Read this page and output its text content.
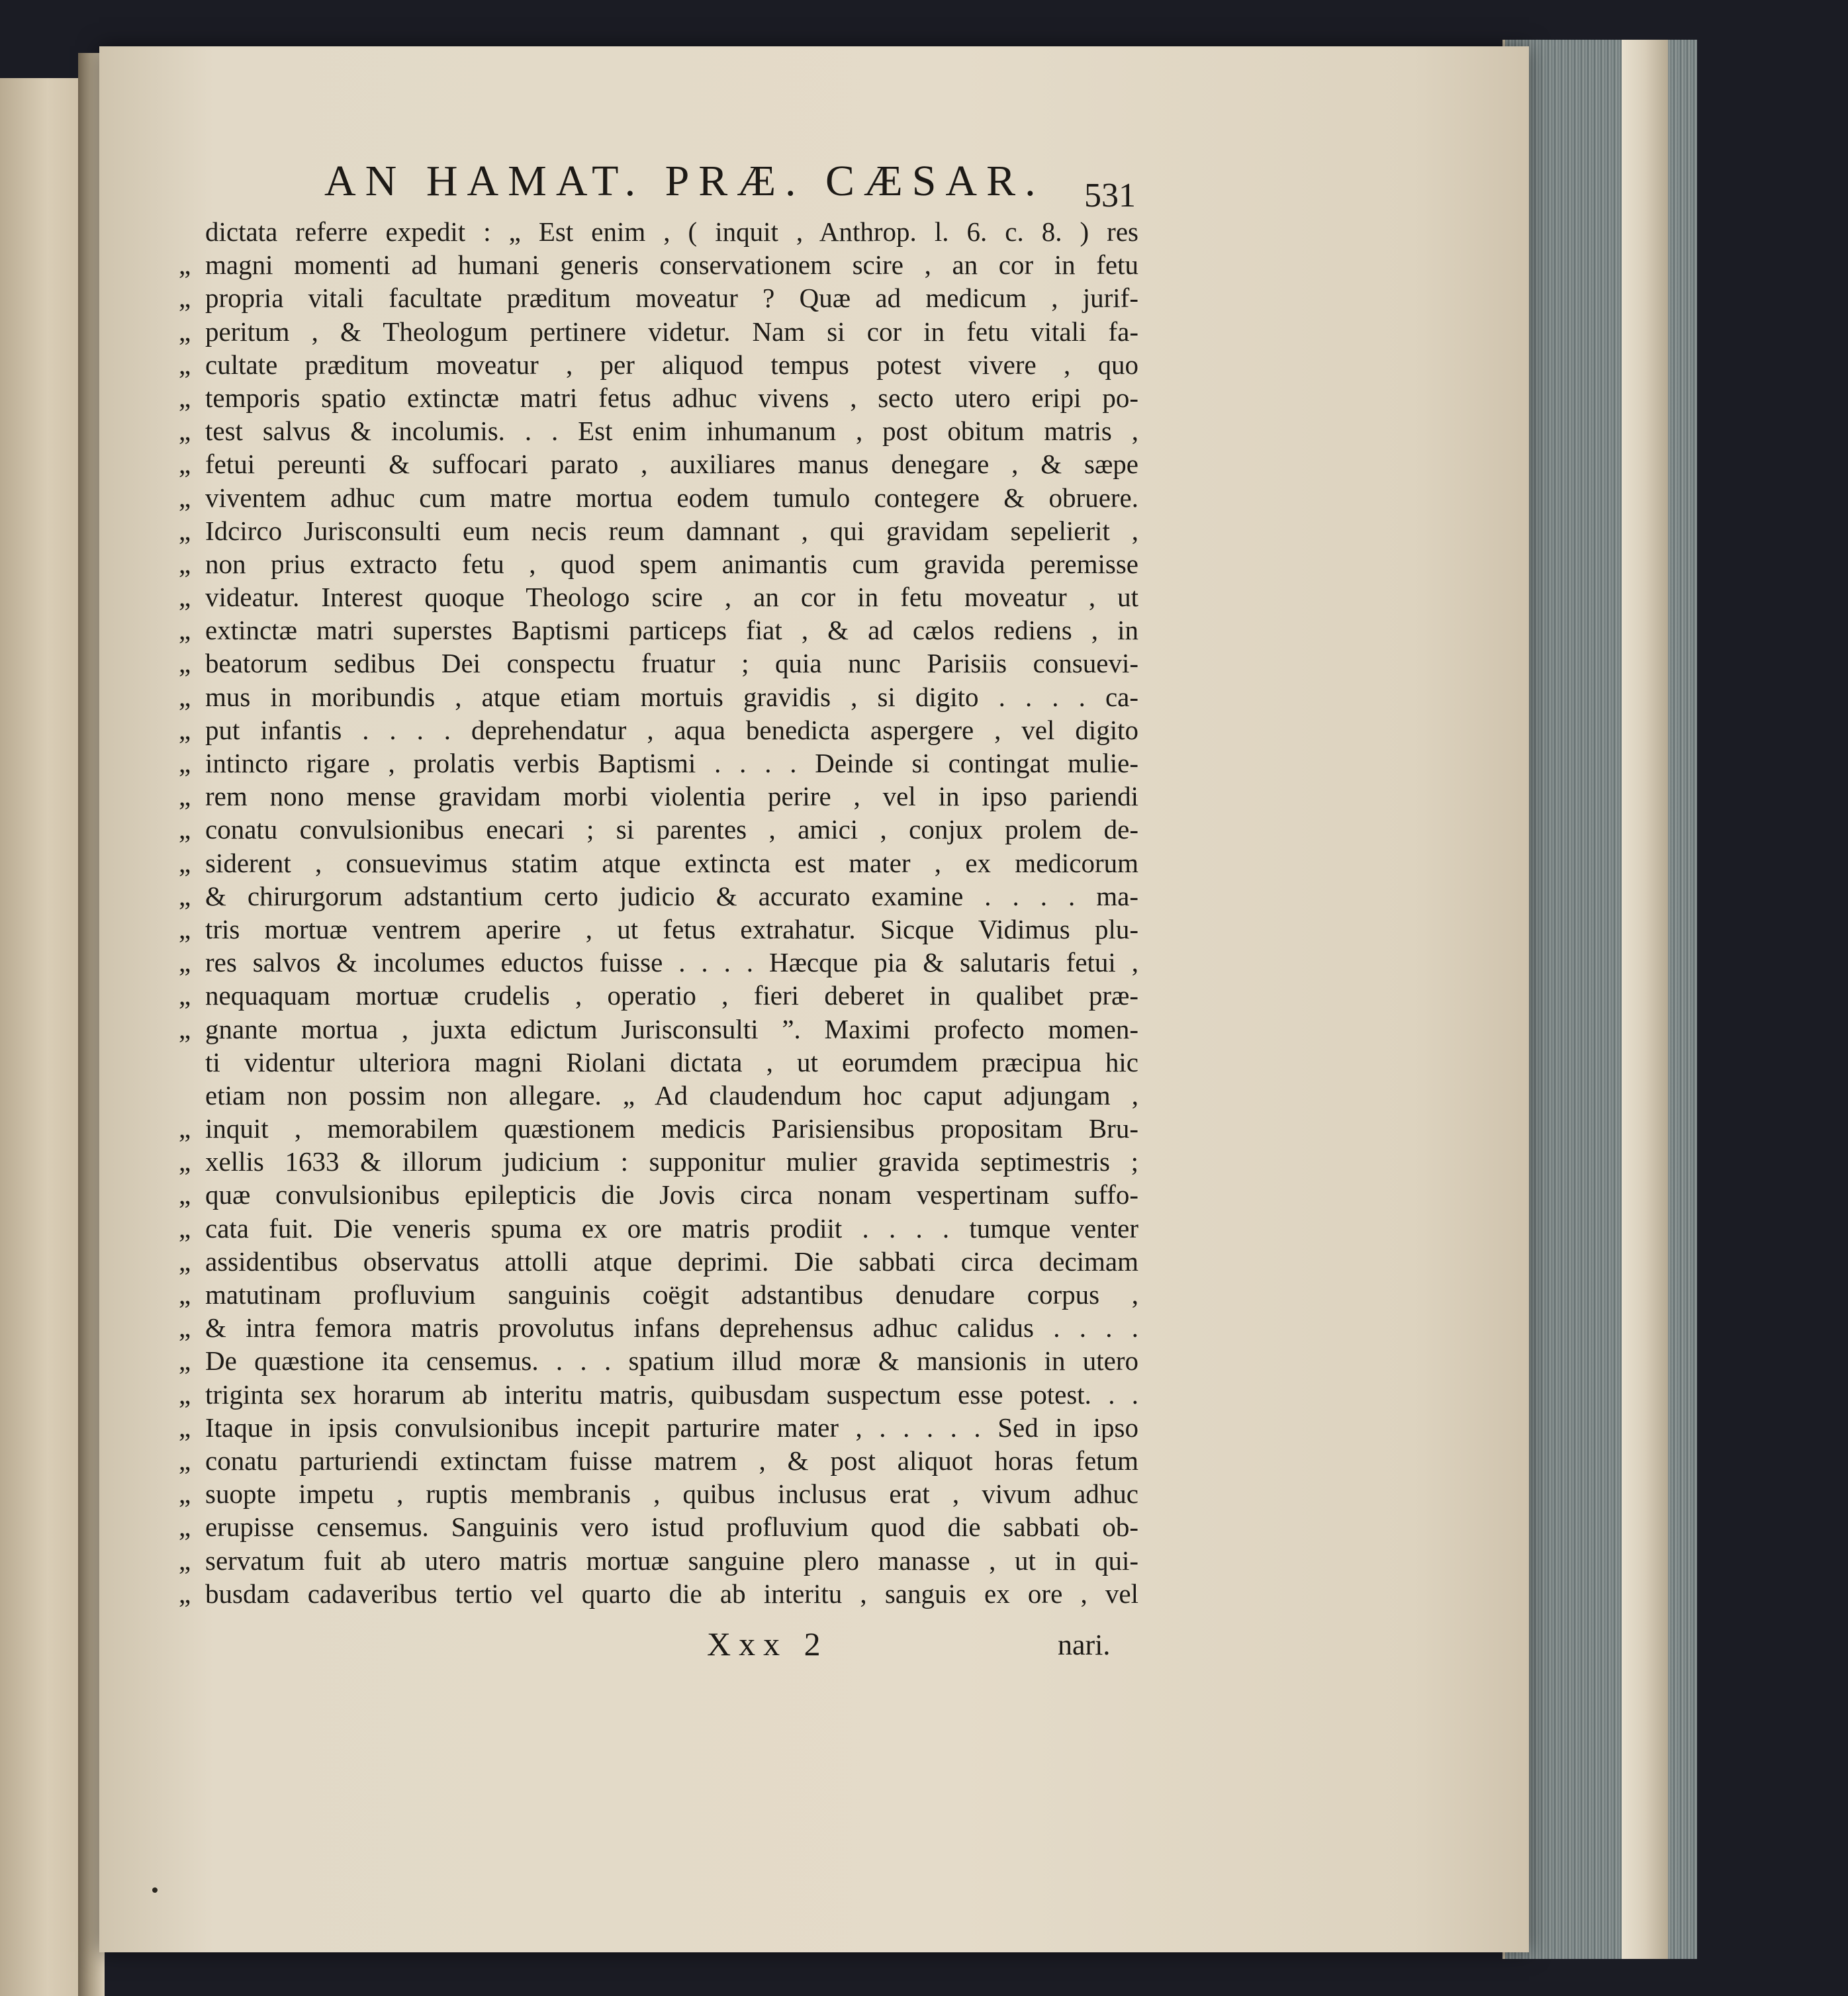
AN HAMAT. PRÆ. CÆSAR.	531
dictata referre expedit : „ Est enim , ( inquit , Anthrop. l. 6. c. 8. ) res
„ magni momenti ad humani generis conservationem scire , an cor in fetu
„ propria vitali facultate præditum moveatur ? Quæ ad medicum , jurif-
„ peritum , & Theologum pertinere videtur. Nam si cor in fetu vitali fa-
„ cultate præditum moveatur , per aliquod tempus potest vivere , quo
„ temporis spatio extinctæ matri fetus adhuc vivens , secto utero eripi po-
„ test salvus & incolumis. . . Est enim inhumanum , post obitum matris ,
„ fetui pereunti & suffocari parato , auxiliares manus denegare , & sæpe
„ viventem adhuc cum matre mortua eodem tumulo contegere & obruere.
„ Idcirco Jurisconsulti eum necis reum damnant , qui gravidam sepelierit ,
„ non prius extracto fetu , quod spem animantis cum gravida peremisse
„ videatur. Interest quoque Theologo scire , an cor in fetu moveatur , ut
„ extinctæ matri superstes Baptismi particeps fiat , & ad cælos rediens , in
„ beatorum sedibus Dei conspectu fruatur ; quia nunc Parisiis consuevi-
„ mus in moribundis , atque etiam mortuis gravidis , si digito . . . . ca-
„ put infantis . . . . deprehendatur , aqua benedicta aspergere , vel digito
„ intincto rigare , prolatis verbis Baptismi . . . . Deinde si contingat mulie-
„ rem nono mense gravidam morbi violentia perire , vel in ipso pariendi
„ conatu convulsionibus enecari ; si parentes , amici , conjux prolem de-
„ siderent , consuevimus statim atque extincta est mater , ex medicorum
„ & chirurgorum adstantium certo judicio & accurato examine . . . . ma-
„ tris mortuæ ventrem aperire , ut fetus extrahatur. Sicque Vidimus plu-
„ res salvos & incolumes eductos fuisse . . . . Hæcque pia & salutaris fetui ,
„ nequaquam mortuæ crudelis , operatio , fieri deberet in qualibet præ-
„ gnante mortua , juxta edictum Jurisconsulti ”. Maximi profecto momen-
ti videntur ulteriora magni Riolani dictata , ut eorumdem præcipua hic
etiam non possim non allegare. „ Ad claudendum hoc caput adjungam ,
„ inquit , memorabilem quæstionem medicis Parisiensibus propositam Bru-
„ xellis 1633 & illorum judicium : supponitur mulier gravida septimestris ;
„ quæ convulsionibus epilepticis die Jovis circa nonam vespertinam suffo-
„ cata fuit. Die veneris spuma ex ore matris prodiit . . . . tumque venter
„ assidentibus observatus attolli atque deprimi. Die sabbati circa decimam
„ matutinam profluvium sanguinis coëgit adstantibus denudare corpus ,
„ & intra femora matris provolutus infans deprehensus adhuc calidus . . . .
„ De quæstione ita censemus. . . . spatium illud moræ & mansionis in utero
„ triginta sex horarum ab interitu matris, quibusdam suspectum esse potest. . .
„ Itaque in ipsis convulsionibus incepit parturire mater , . . . . . Sed in ipso
„ conatu parturiendi extinctam fuisse matrem , & post aliquot horas fetum
„ suopte impetu , ruptis membranis , quibus inclusus erat , vivum adhuc
„ erupisse censemus. Sanguinis vero istud profluvium quod die sabbati ob-
„ servatum fuit ab utero matris mortuæ sanguine plero manasse , ut in qui-
„ busdam cadaveribus tertio vel quarto die ab interitu , sanguis ex ore , vel
Xxx 2	nari.
